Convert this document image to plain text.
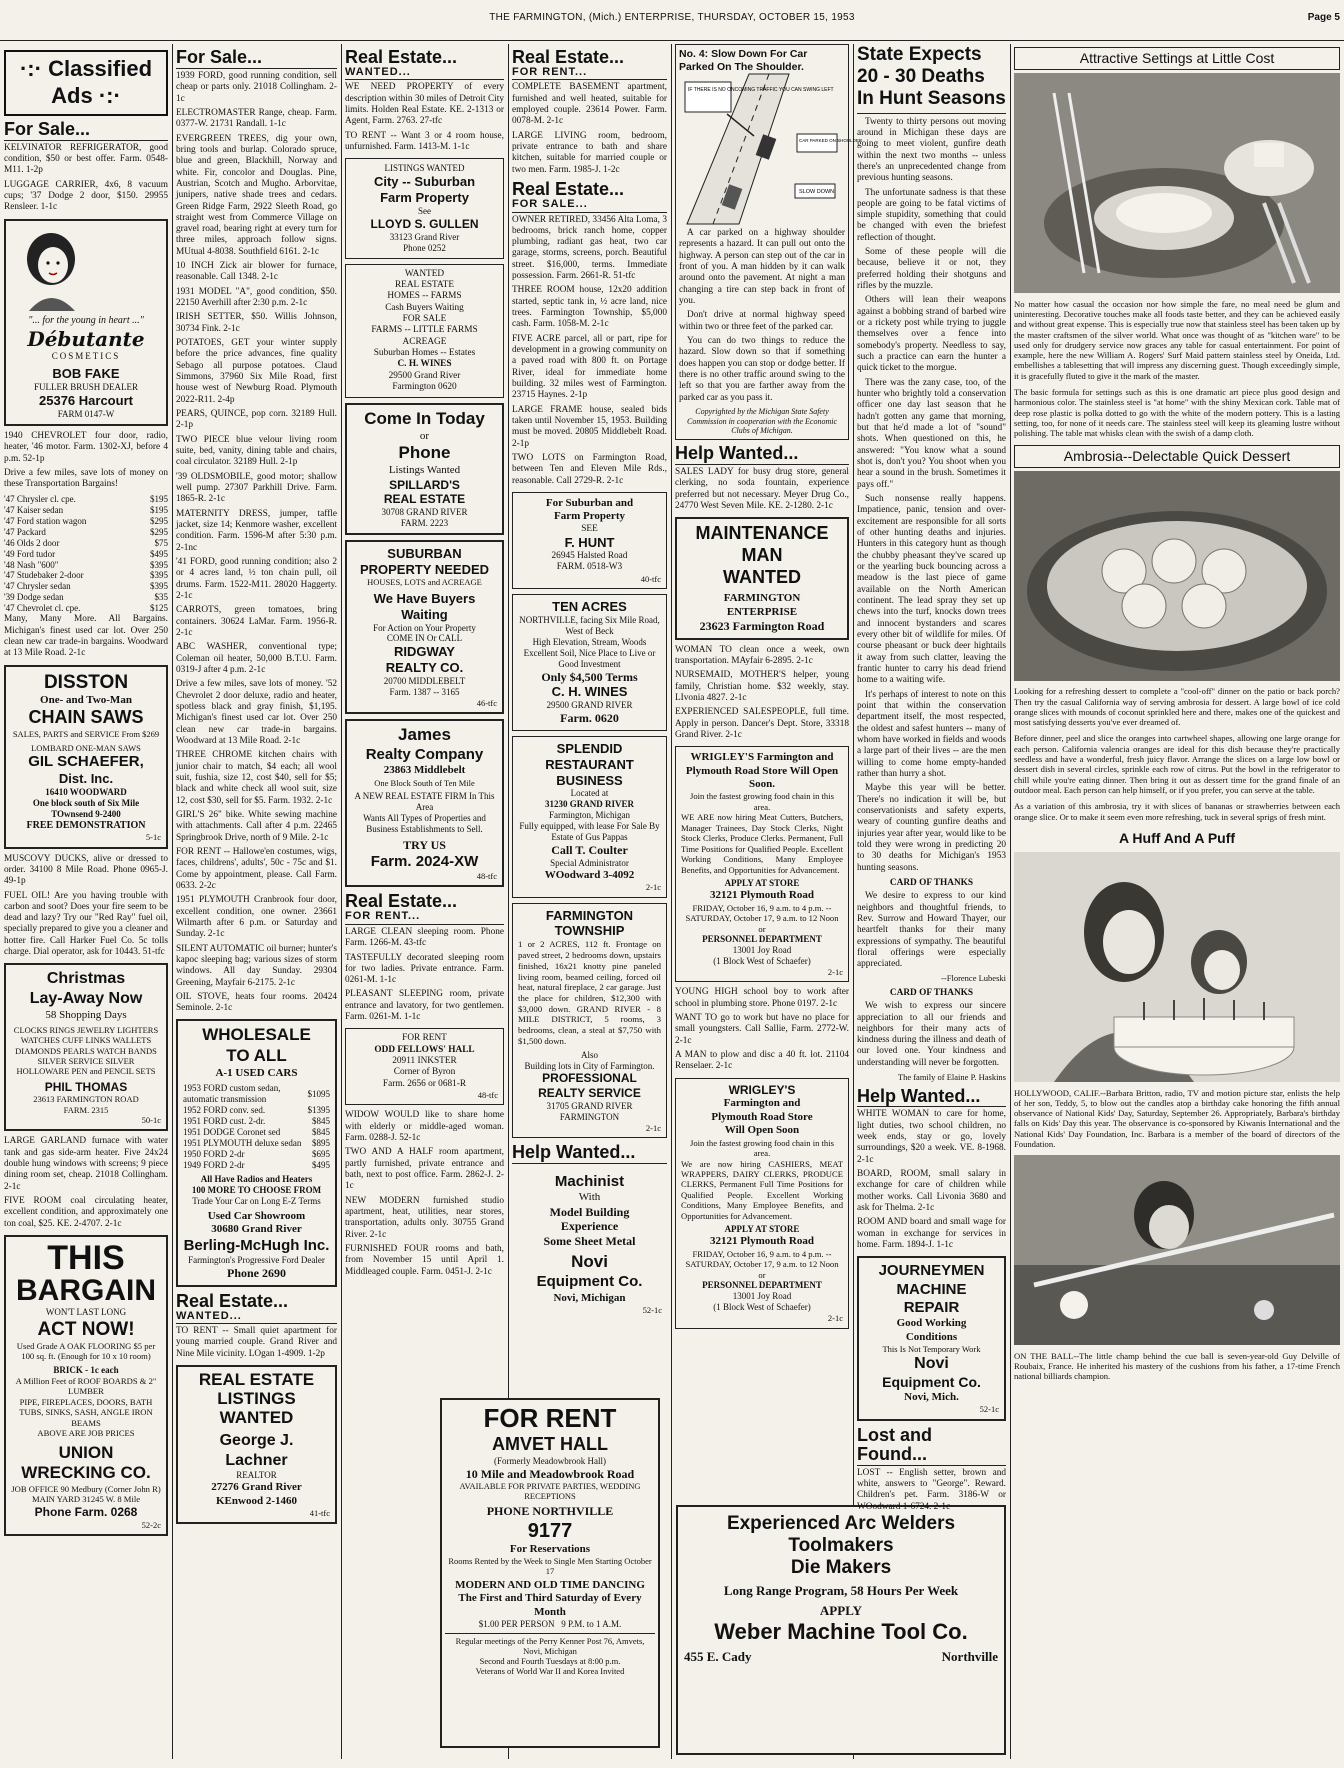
THE FARMINGTON, (Mich.) ENTERPRISE, THURSDAY, OCTOBER 15, 1953	Page 5
·:· Classified Ads ·:·
For Sale...
KELVINATOR REFRIGERATOR, good condition, $50 or best offer. Farm. 0548-M11. 1-2p
LUGGAGE CARRIER, 4x6, 8 vacuum cups; '37 Dodge 2 door, $150. 29955 Rensleer. 1-1c
"... for the young in heart ..."
Débutante
COSMETICS
BOB FAKE
FULLER BRUSH DEALER
25376 Harcourt
FARM 0147-W
1940 CHEVROLET four door, radio, heater, '46 motor. Farm. 1302-XJ, before 4 p.m. 52-1p
Drive a few miles, save lots of money on these Transportation Bargains!
'47 Chrysler cl. cpe.	$195
'47 Kaiser sedan	$195
'47 Ford station wagon	$295
'47 Packard	$295
'46 Olds 2 door	$75
'49 Ford tudor	$495
'48 Nash "600"	$395
'47 Studebaker 2-door	$395
'47 Chrysler sedan	$395
'39 Dodge sedan	$35
'47 Chevrolet cl. cpe.	$125
Many, Many More. All Bargains. Michigan's finest used car lot. Over 250 clean new car trade-in bargains. Woodward at 13 Mile Road. 2-1c
DISSTON
One- and Two-Man
CHAIN SAWS
SALES, PARTS and SERVICE From $269
LOMBARD ONE-MAN SAWS
GIL SCHAEFER,
Dist. Inc.
16410 WOODWARD
One block south of Six Mile TOwnsend 9-2400
FREE DEMONSTRATION
5-1c
MUSCOVY DUCKS, alive or dressed to order. 34100 8 Mile Road. Phone 0965-J. 49-1p
FUEL OIL! Are you having trouble with carbon and soot? Does your fire seem to be dead and lazy? Try our "Red Ray" fuel oil, specially prepared to give you a cleaner and hotter fire. Call Harker Fuel Co. 5c tolls charge. Dial operator, ask for 10443. 51-tfc
Christmas
Lay-Away Now
58 Shopping Days
CLOCKS RINGS JEWELRY LIGHTERS WATCHES CUFF LINKS WALLETS DIAMONDS PEARLS WATCH BANDS SILVER SERVICE SILVER HOLLOWARE PEN and PENCIL SETS
PHIL THOMAS
23613 FARMINGTON ROAD
FARM. 2315
50-1c
LARGE GARLAND furnace with water tank and gas side-arm heater. Five 24x24 double hung windows with screens; 9 piece dining room set, cheap. 21018 Collingham. 2-1c
FIVE ROOM coal circulating heater, excellent condition, and approximately one ton coal, $25. KE. 2-4707. 2-1c
THIS
BARGAIN
WON'T LAST LONG
ACT NOW!
Used Grade A OAK FLOORING $5 per 100 sq. ft. (Enough for 10 x 10 room)
BRICK - 1c each
A Million Feet of ROOF BOARDS & 2" LUMBER
PIPE, FIREPLACES, DOORS, BATH TUBS, SINKS, SASH, ANGLE IRON BEAMS
ABOVE ARE JOB PRICES
UNION WRECKING CO.
JOB OFFICE 90 Medbury (Corner John R)
MAIN YARD 31245 W. 8 Mile
Phone Farm. 0268
52-2c
For Sale...
1939 FORD, good running condition, sell cheap or parts only. 21018 Collingham. 2-1c
ELECTROMASTER Range, cheap. Farm. 0377-W. 21731 Randall. 1-1c
EVERGREEN TREES, dig your own, bring tools and burlap. Colorado spruce, blue and green, Blackhill, Norway and white. Fir, concolor and Douglas. Pine, Austrian, Scotch and Mugho. Arborvitae, junipers, native shade trees and cedars. Green Ridge Farm, 2922 Sleeth Road, go straight west from Commerce Village on gravel road, bearing right at every turn for three miles, approach follow signs. MUtual 4-8038. Southfield 6161. 2-1c
10 INCH Zick air blower for furnace, reasonable. Call 1348. 2-1c
1931 MODEL "A", good condition, $50. 22150 Averhill after 2:30 p.m. 2-1c
IRISH SETTER, $50. Willis Johnson, 30734 Fink. 2-1c
POTATOES, GET your winter supply before the price advances, fine quality Sebago all purpose potatoes. Claud Simmons, 37960 Six Mile Road, first house west of Newburg Road. Plymouth 2022-R11. 2-4p
PEARS, QUINCE, pop corn. 32189 Hull. 2-1p
TWO PIECE blue velour living room suite, bed, vanity, dining table and chairs, coal circulator. 32189 Hull. 2-1p
'39 OLDSMOBILE, good motor; shallow well pump. 27307 Parkhill Drive. Farm. 1865-R. 2-1c
MATERNITY DRESS, jumper, taffle jacket, size 14; Kenmore washer, excellent condition. Farm. 1596-M after 5:30 p.m. 2-1nc
'41 FORD, good running condition; also 2 or 4 acres land, ½ ton chain pull, oil drums. Farm. 1522-M11. 28020 Haggerty. 2-1c
CARROTS, green tomatoes, bring containers. 30624 LaMar. Farm. 1956-R. 2-1c
ABC WASHER, conventional type; Coleman oil heater, 50,000 B.T.U. Farm. 0319-J after 4 p.m. 2-1c
Drive a few miles, save lots of money. '52 Chevrolet 2 door deluxe, radio and heater, spotless black and gray finish, $1,195. Michigan's finest used car lot. Over 250 clean new car trade-in bargains. Woodward at 13 Mile Road. 2-1c
THREE CHROME kitchen chairs with junior chair to match, $4 each; all wool suit, fushia, size 12, cost $40, sell for $5; black and white check all wool suit, size 12, cost $30, sell for $5. Farm. 1932. 2-1c
GIRL'S 26" bike. White sewing machine with attachments. Call after 4 p.m. 22465 Springbrook Drive, north of 9 Mile. 2-1c
FOR RENT -- Hallowe'en costumes, wigs, faces, childrens', adults', 50c - 75c and $1. Come by appointment, please. Call Farm. 0633. 2-2c
1951 PLYMOUTH Cranbrook four door, excellent condition, one owner. 23661 Wilmarth after 6 p.m. or Saturday and Sunday. 2-1c
SILENT AUTOMATIC oil burner; hunter's kapoc sleeping bag; various sizes of storm windows. All day Sunday. 29304 Greening, Mayfair 6-2175. 2-1c
OIL STOVE, heats four rooms. 20424 Seminole. 2-1c
WHOLESALE
TO ALL
A-1 USED CARS
1953 FORD custom sedan, automatic transmission	$1095
1952 FORD conv. sed.	$1395
1951 FORD cust. 2-dr.	$845
1951 DODGE Coronet sed	$845
1951 PLYMOUTH deluxe sedan	$895
1950 FORD 2-dr	$695
1949 FORD 2-dr	$495
All Have Radios and Heaters
100 MORE TO CHOOSE FROM
Trade Your Car on Long E-Z Terms
Used Car Showroom
30680 Grand River
Berling-McHugh Inc.
Farmington's Progressive Ford Dealer
Phone 2690
Real Estate...
WANTED...
TO RENT -- Small quiet apartment for young married couple. Grand River and Nine Mile vicinity. LOgan 1-4909. 1-2p
REAL ESTATE
LISTINGS
WANTED
George J.
Lachner
REALTOR
27276 Grand River
KEnwood 2-1460
41-tfc
Real Estate...
WANTED...
WE NEED PROPERTY of every description within 30 miles of Detroit City limits. Holden Real Estate. KE. 2-1313 or Agent, Farm. 2763. 27-tfc
TO RENT -- Want 3 or 4 room house, unfurnished. Farm. 1413-M. 1-1c
LISTINGS WANTED
City -- Suburban
Farm Property
See
LLOYD S. GULLEN
33123 Grand River
Phone 0252
WANTED
REAL ESTATE
HOMES -- FARMS
Cash Buyers Waiting
FOR SALE
FARMS -- LITTLE FARMS
ACREAGE
Suburban Homes -- Estates
C. H. WINES
29500 Grand River
Farmington 0620
Come In Today
or
Phone
Listings Wanted
SPILLARD'S
REAL ESTATE
30708 GRAND RIVER
FARM. 2223
SUBURBAN
PROPERTY NEEDED
HOUSES, LOTS and ACREAGE
We Have Buyers
Waiting
For Action on Your Property
COME IN Or CALL
RIDGWAY
REALTY CO.
20700 MIDDLEBELT
Farm. 1387 -- 3165
46-tfc
James
Realty Company
23863 Middlebelt
One Block South of Ten Mile
A NEW REAL ESTATE FIRM In This Area
Wants All Types of Properties and Business Establishments to Sell.
TRY US
Farm. 2024-XW
48-tfc
Real Estate...
FOR RENT...
LARGE CLEAN sleeping room. Phone Farm. 1266-M. 43-tfc
TASTEFULLY decorated sleeping room for two ladies. Private entrance. Farm. 0261-M. 1-1c
PLEASANT SLEEPING room, private entrance and lavatory, for two gentlemen. Farm. 0261-M. 1-1c
FOR RENT
ODD FELLOWS' HALL
20911 INKSTER
Corner of Byron
Farm. 2656 or 0681-R
48-tfc
WIDOW WOULD like to share home with elderly or middle-aged woman. Farm. 0288-J. 52-1c
TWO AND A HALF room apartment, partly furnished, private entrance and bath, next to post office. Farm. 2862-J. 2-1c
NEW MODERN furnished studio apartment, heat, utilities, near stores, transportation, adults only. 30755 Grand River. 2-1c
FURNISHED FOUR rooms and bath, from November 15 until April 1. Middleaged couple. Farm. 0451-J. 2-1c
Real Estate...
FOR RENT...
COMPLETE BASEMENT apartment, furnished and well heated, suitable for employed couple. 23614 Power. Farm. 0078-M. 2-1c
LARGE LIVING room, bedroom, private entrance to bath and share kitchen, suitable for married couple or two men. Farm. 1985-J. 1-2c
Real Estate...
FOR SALE...
OWNER RETIRED, 33456 Alta Loma, 3 bedrooms, brick ranch home, copper plumbing, radiant gas heat, two car garage, storms, screens, porch. Beautiful street. $16,000, terms. Immediate possession. Farm. 2661-R. 51-tfc
THREE ROOM house, 12x20 addition started, septic tank in, ½ acre land, nice trees. Farmington Township, $5,000 cash. Farm. 1058-M. 2-1c
FIVE ACRE parcel, all or part, ripe for development in a growing community on a paved road with 800 ft. on Portage River, ideal for immediate home building. 32 miles west of Farmington. 23715 Haynes. 2-1p
LARGE FRAME house, sealed bids taken until November 15, 1953. Building must be moved. 20805 Middlebelt Road. 2-1p
TWO LOTS on Farmington Road, between Ten and Eleven Mile Rds., reasonable. Call 2729-R. 2-1c
For Suburban and
Farm Property
SEE
F. HUNT
26945 Halsted Road
FARM. 0518-W3
40-tfc
TEN ACRES
NORTHVILLE, facing Six Mile Road, West of Beck
High Elevation, Stream, Woods Excellent Soil, Nice Place to Live or Good Investment
Only $4,500 Terms
C. H. WINES
29500 GRAND RIVER
Farm. 0620
SPLENDID
RESTAURANT
BUSINESS
Located at
31230 GRAND RIVER
Farmington, Michigan
Fully equipped, with lease For Sale By Estate of Gus Pappas
Call T. Coulter
Special Administrator
WOodward 3-4092
2-1c
FARMINGTON
TOWNSHIP
1 or 2 ACRES, 112 ft. Frontage on paved street, 2 bedrooms down, upstairs finished, 16x21 knotty pine paneled living room, beamed ceiling, forced oil heat, natural fireplace, 2 car garage. Just the place for children, $12,300 with $3,000 down. GRAND RIVER - 8 MILE DISTRICT, 5 rooms, 3 bedrooms, clean, a steal at $7,750 with $1,500 down.
Also
Building lots in City of Farmington.
PROFESSIONAL
REALTY SERVICE
31705 GRAND RIVER
FARMINGTON
2-1c
Help Wanted...
Machinist
With
Model Building
Experience
Some Sheet Metal
Novi
Equipment Co.
Novi, Michigan
52-1c
No. 4: Slow Down For Car Parked On The Shoulder.
IF THERE IS NO ONCOMING TRAFFIC YOU CAN SWING LEFT
CAR PARKED ON SHOULDER
SLOW DOWN
A car parked on a highway shoulder represents a hazard. It can pull out onto the highway. A person can step out of the car in front of you. A man hidden by it can walk around onto the pavement. At night a man changing a tire can step back in front of you.
Don't drive at normal highway speed within two or three feet of the parked car.
You can do two things to reduce the hazard. Slow down so that if something does happen you can stop or dodge better. If there is no other traffic around swing to the left so that you are farther away from the parked car as you pass it.
Copyrighted by the Michigan State Safety Commission in cooperation with the Economic Clubs of Michigan.
Help Wanted...
SALES LADY for busy drug store, general clerking, no soda fountain, experience preferred but not necessary. Meyer Drug Co., 24770 West Seven Mile. KE. 2-1280. 2-1c
MAINTENANCE
MAN
WANTED
FARMINGTON
ENTERPRISE
23623 Farmington Road
WOMAN TO clean once a week, own transportation. MAyfair 6-2895. 2-1c
NURSEMAID, MOTHER'S helper, young family, Christian home. $32 weekly, stay. LIvonia 4827. 2-1c
EXPERIENCED SALESPEOPLE, full time. Apply in person. Dancer's Dept. Store, 33318 Grand River. 2-1c
WRIGLEY'S Farmington and Plymouth Road Store Will Open Soon.
Join the fastest growing food chain in this area.
WE ARE now hiring Meat Cutters, Butchers, Manager Trainees, Day Stock Clerks, Night Stock Clerks, Produce Clerks. Permanent, Full Time Positions for Qualified People. Excellent Working Conditions, Many Employee Benefits, and Opportunities for Advancement.
APPLY AT STORE
32121 Plymouth Road
FRIDAY, October 16, 9 a.m. to 4 p.m. -- SATURDAY, October 17, 9 a.m. to 12 Noon or
PERSONNEL DEPARTMENT
13001 Joy Road
(1 Block West of Schaefer)
2-1c
YOUNG HIGH school boy to work after school in plumbing store. Phone 0197. 2-1c
WANT TO go to work but have no place for small youngsters. Call Sallie, Farm. 2772-W. 2-1c
A MAN to plow and disc a 40 ft. lot. 21104 Renselaer. 2-1c
WRIGLEY'S
Farmington and
Plymouth Road Store
Will Open Soon
Join the fastest growing food chain in this area.
We are now hiring CASHIERS, MEAT WRAPPERS, DAIRY CLERKS, PRODUCE CLERKS, Permanent Full Time Positions for Qualified People. Excellent Working Conditions, Many Employee Benefits, and Opportunities for Advancement.
APPLY AT STORE
32121 Plymouth Road
FRIDAY, October 16, 9 a.m. to 4 p.m. -- SATURDAY, October 17, 9 a.m. to 12 Noon or
PERSONNEL DEPARTMENT
13001 Joy Road
(1 Block West of Schaefer)
2-1c
FOR RENT
AMVET HALL
(Formerly Meadowbrook Hall)
10 Mile and Meadowbrook Road
AVAILABLE FOR PRIVATE PARTIES, WEDDING RECEPTIONS
PHONE NORTHVILLE
9177
For Reservations
Rooms Rented by the Week to Single Men Starting October 17
MODERN AND OLD TIME DANCING
The First and Third Saturday of Every Month
$1.00 PER PERSON 9 P.M. to 1 A.M.
Regular meetings of the Perry Kenner Post 76, Amvets, Novi, Michigan
Second and Fourth Tuesdays at 8:00 p.m.
Veterans of World War II and Korea Invited
Experienced Arc Welders
Toolmakers
Die Makers
Long Range Program, 58 Hours Per Week
APPLY
Weber Machine Tool Co.
455 E. Cady	Northville
State Expects
20 - 30 Deaths
In Hunt Seasons
Twenty to thirty persons out moving around in Michigan these days are going to meet violent, gunfire death within the next two months -- unless there's an unprecedented change from previous hunting seasons.
The unfortunate sadness is that these people are going to be fatal victims of simple stupidity, something that could be changed with even the briefest reflection of thought.
Some of these people will die because, believe it or not, they preferred holding their shotguns and rifles by the muzzle.
Others will lean their weapons against a bobbing strand of barbed wire or a rickety post while trying to juggle themselves over a fence into somebody's property. Needless to say, such a practice can earn the hunter a quick ticket to the morgue.
There was the zany case, too, of the hunter who brightly told a conservation officer one day last season that he hadn't gotten any game that morning, but that he'd made a lot of "sound" shots. When questioned on this, he answered: "You know what a sound shot is, don't you? You shoot when you hear a sound in the brush. Sometimes it pays off."
Such nonsense really happens. Impatience, panic, tension and over-excitement are responsible for all sorts of other hunting deaths and injuries. Hunters in this category hunt as though the chubby pheasant they've scared up or the yearling buck bouncing across a meadow is the last piece of game available on the North American continent. The lead spray they set up chews into the turf, knocks down trees and innocent bystanders and scares every other bit of wildlife for miles. Of course pheasant or buck deer hightails it away from such clatter, leaving the frantic hunter to carry his dead friend home to a waiting wife.
It's perhaps of interest to note on this point that within the conservation department itself, the most respected, the oldest and safest hunters -- many of whom have worked in fields and woods a large part of their lives -- are the men willing to come home empty-handed rather than hurry a shot.
Maybe this year will be better. There's no indication it will be, but conservationists and safety experts, weary of counting gunfire deaths and injuries year after year, would like to be told they were wrong in predicting 20 to 30 deaths for Michigan's 1953 hunting seasons.
CARD OF THANKS
We desire to express to our kind neighbors and thoughtful friends, to Rev. Surrow and Howard Thayer, our heartfelt thanks for their many expressions of sympathy. The beautiful floral offerings were especially appreciated.
--Florence Lubeski
CARD OF THANKS
We wish to express our sincere appreciation to all our friends and neighbors for their many acts of kindness during the illness and death of our loved one. Your kindness and understanding will never be forgotten.
The family of Elaine P. Haskins
Help Wanted...
WHITE WOMAN to care for home, light duties, two school children, no week ends, stay or go, lovely surroundings, $20 a week. VE. 8-1968. 2-1c
BOARD, ROOM, small salary in exchange for care of children while mother works. Call Livonia 3680 and ask for Thelma. 2-1c
ROOM AND board and small wage for woman in exchange for services in home. Farm. 1894-J. 1-1c
JOURNEYMEN
MACHINE
REPAIR
Good Working
Conditions
This Is Not Temporary Work
Novi
Equipment Co.
Novi, Mich.
52-1c
Lost and Found...
LOST -- English setter, brown and white, answers to "George". Reward. Children's pet. Farm. 3186-W or WOodward 1-6724. 2-1c
Attractive Settings at Little Cost
No matter how casual the occasion nor how simple the fare, no meal need be glum and uninteresting. Decorative touches make all foods taste better, and they can be achieved easily and without great expense. This is especially true now that stainless steel has been taken up by the master craftsmen of the silver world. What once was thought of as "kitchen ware" to be used only for drudgery service now graces any table for casual entertainment. For point of example, here the new William A. Rogers' Surf Maid pattern stainless steel by Oneida, Ltd. embellishes a tablesetting that will impress any discerning guest. Though exceedingly simple, it is gracefully fluted to give it the mark of the master.
The basic formula for settings such as this is one dramatic art piece plus good design and harmonious color. The stainless steel is "at home" with the shiny Mexican cork. Table mat of deep rose plastic is polka dotted to go with the white of the modern pottery. This is a lasting setting, too, for none of it needs care. The stainless steel will keep its gleaming lustre without polishing. The table mat whisks clean with the swish of a damp cloth.
Ambrosia--Delectable Quick Dessert
Looking for a refreshing dessert to complete a "cool-off" dinner on the patio or back porch? Then try the casual California way of serving ambrosia for dessert. A large bowl of ice cold orange slices with mounds of coconut sprinkled here and there, makes one of the quickest and most satisfying desserts you've ever dreamed of.
Before dinner, peel and slice the oranges into cartwheel shapes, allowing one large orange for each person. California valencia oranges are ideal for this dish because they're practically seedless and have a wonderful, fresh juicy flavor. Arrange the slices on a large low bowl or dessert dish in several circles, sprinkle each row of citrus. Put the bowl in the refrigerator to chill while you're eating dinner. Then bring it out as dessert time for the grand finale of an outdoor meal. Each person can help himself, or if you prefer, you can serve at the table.
As a variation of this ambrosia, try it with slices of bananas or strawberries between each orange slice. Or to make it seem even more refreshing, tuck in several sprigs of fresh mint.
A Huff And A Puff
HOLLYWOOD, CALIF.--Barbara Britton, radio, TV and motion picture star, enlists the help of her son, Teddy, 5, to blow out the candles atop a birthday cake honoring the fifth annual observance of National Kids' Day, Saturday, September 26. Appropriately, Barbara's birthday falls on Kids' Day this year. The observance is co-sponsored by Kiwanis International and the National Kids' Day Foundation, Inc. Barbara is a member of the board of directors of the Foundation.
ON THE BALL--The little champ behind the cue ball is seven-year-old Guy Delville of Roubaix, France. He inherited his mastery of the cushions from his father, a 17-time French national billiards champion.
